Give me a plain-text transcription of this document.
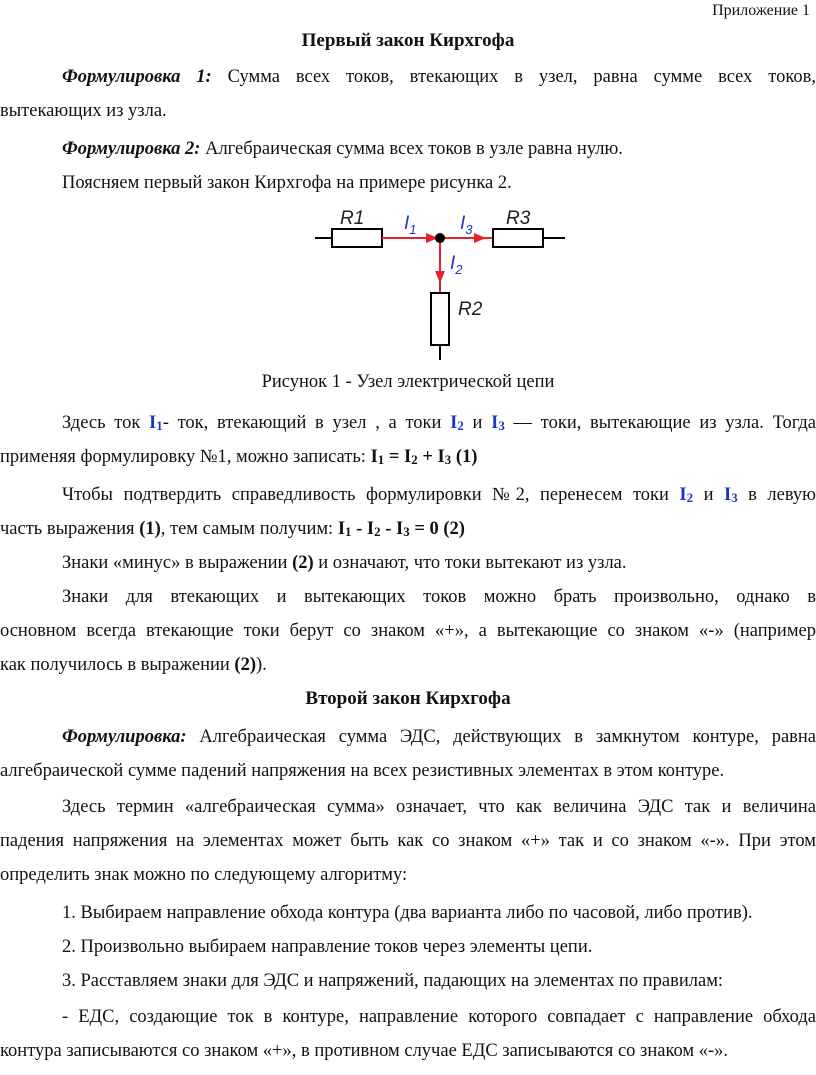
Приложение 1
Первый закон Кирхгофа
Формулировка 1: Сумма всех токов, втекающих в узел, равна сумме всех токов,
вытекающих из узла.
Формулировка 2: Алгебраическая сумма всех токов в узле равна нулю.
Поясняем первый закон Кирхгофа на примере рисунка 2.
R1	R3
R2
$I_1$ $I_3$
$I_2$
Рисунок 1 - Узел электрической цепи
Здесь ток $I_1-$ ток, втекающий в узел , а токи $I_2$ и $I_3$ — токи, вытекающие из узла. Тогда
применяя формулировку №1, можно записать: $I_1 = I_2 + I_3$ (1)
Чтобы подтвердить справедливость формулировки №2, перенесем токи $I_2$ и $I_3$ в левую
часть выражения (1), тем самым получим: $I_1 - I_2 - I_3 = 0$ (2)
Знаки «минус» в выражении (2) и означают, что токи вытекают из узла.
Знаки для втекающих и вытекающих токов можно брать произвольно, однако в
основном всегда втекающие токи берут со знаком «+», а вытекающие со знаком «-» (например
как получилось в выражении (2)).
Второй закон Кирхгофа
Формулировка: Алгебраическая сумма ЭДС, действующих в замкнутом контуре, равна
алгебраической сумме падений напряжения на всех резистивных элементах в этом контуре.
Здесь термин «алгебраическая сумма» означает, что как величина ЭДС так и величина
падения напряжения на элементах может быть как со знаком «+» так и со знаком «-». При этом
определить знак можно по следующему алгоритму:
1. Выбираем направление обхода контура (два варианта либо по часовой, либо против).
2. Произвольно выбираем направление токов через элементы цепи.
3. Расставляем знаки для ЭДС и напряжений, падающих на элементах по правилам:
- ЕДС, создающие ток в контуре, направление которого совпадает с направление обхода
контура записываются со знаком «+», в противном случае ЕДС записываются со знаком «-».
